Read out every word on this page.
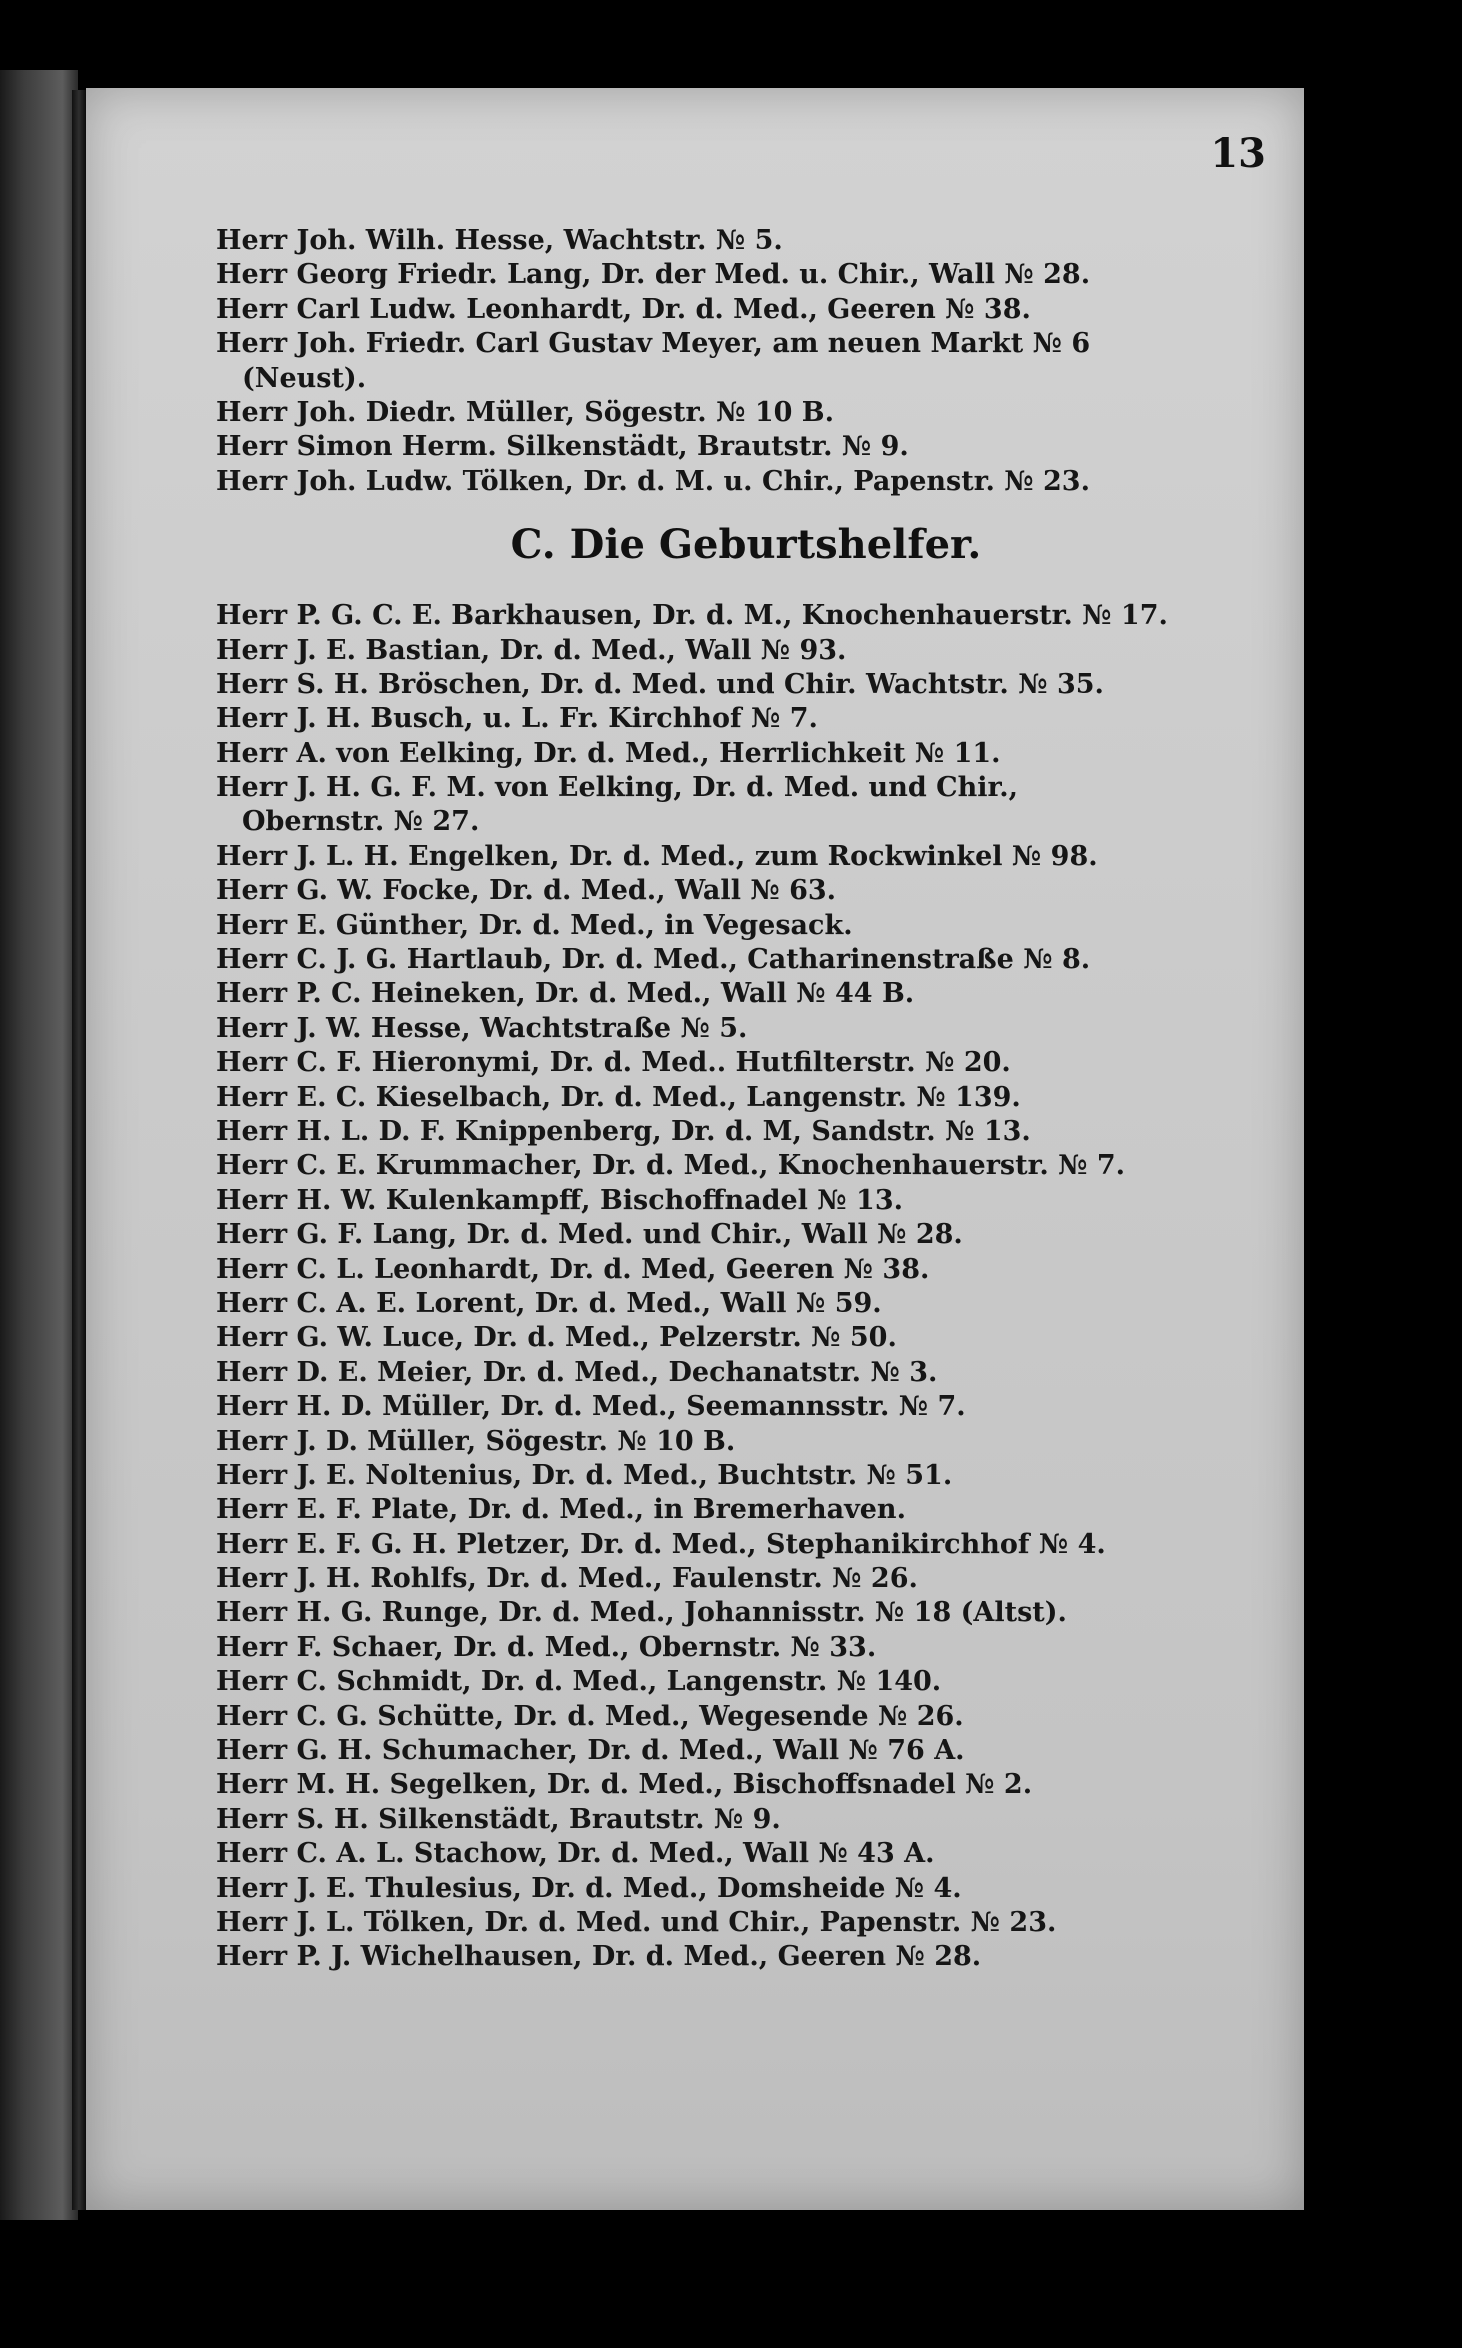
13
Herr Joh. Wilh. Hesse, Wachtstr. № 5.
Herr Georg Friedr. Lang, Dr. der Med. u. Chir., Wall № 28.
Herr Carl Ludw. Leonhardt, Dr. d. Med., Geeren № 38.
Herr Joh. Friedr. Carl Gustav Meyer, am neuen Markt № 6
(Neust).
Herr Joh. Diedr. Müller, Sögestr. № 10 B.
Herr Simon Herm. Silkenstädt, Brautstr. № 9.
Herr Joh. Ludw. Tölken, Dr. d. M. u. Chir., Papenstr. № 23.
C. Die Geburtshelfer.
Herr P. G. C. E. Barkhausen, Dr. d. M., Knochenhauerstr. № 17.
Herr J. E. Bastian, Dr. d. Med., Wall № 93.
Herr S. H. Bröschen, Dr. d. Med. und Chir. Wachtstr. № 35.
Herr J. H. Busch, u. L. Fr. Kirchhof № 7.
Herr A. von Eelking, Dr. d. Med., Herrlichkeit № 11.
Herr J. H. G. F. M. von Eelking, Dr. d. Med. und Chir.,
Obernstr. № 27.
Herr J. L. H. Engelken, Dr. d. Med., zum Rockwinkel № 98.
Herr G. W. Focke, Dr. d. Med., Wall № 63.
Herr E. Günther, Dr. d. Med., in Vegesack.
Herr C. J. G. Hartlaub, Dr. d. Med., Catharinenstraße № 8.
Herr P. C. Heineken, Dr. d. Med., Wall № 44 B.
Herr J. W. Hesse, Wachtstraße № 5.
Herr C. F. Hieronymi, Dr. d. Med.. Hutfilterstr. № 20.
Herr E. C. Kieselbach, Dr. d. Med., Langenstr. № 139.
Herr H. L. D. F. Knippenberg, Dr. d. M, Sandstr. № 13.
Herr C. E. Krummacher, Dr. d. Med., Knochenhauerstr. № 7.
Herr H. W. Kulenkampff, Bischoffnadel № 13.
Herr G. F. Lang, Dr. d. Med. und Chir., Wall № 28.
Herr C. L. Leonhardt, Dr. d. Med, Geeren № 38.
Herr C. A. E. Lorent, Dr. d. Med., Wall № 59.
Herr G. W. Luce, Dr. d. Med., Pelzerstr. № 50.
Herr D. E. Meier, Dr. d. Med., Dechanatstr. № 3.
Herr H. D. Müller, Dr. d. Med., Seemannsstr. № 7.
Herr J. D. Müller, Sögestr. № 10 B.
Herr J. E. Noltenius, Dr. d. Med., Buchtstr. № 51.
Herr E. F. Plate, Dr. d. Med., in Bremerhaven.
Herr E. F. G. H. Pletzer, Dr. d. Med., Stephanikirchhof № 4.
Herr J. H. Rohlfs, Dr. d. Med., Faulenstr. № 26.
Herr H. G. Runge, Dr. d. Med., Johannisstr. № 18 (Altst).
Herr F. Schaer, Dr. d. Med., Obernstr. № 33.
Herr C. Schmidt, Dr. d. Med., Langenstr. № 140.
Herr C. G. Schütte, Dr. d. Med., Wegesende № 26.
Herr G. H. Schumacher, Dr. d. Med., Wall № 76 A.
Herr M. H. Segelken, Dr. d. Med., Bischoffsnadel № 2.
Herr S. H. Silkenstädt, Brautstr. № 9.
Herr C. A. L. Stachow, Dr. d. Med., Wall № 43 A.
Herr J. E. Thulesius, Dr. d. Med., Domsheide № 4.
Herr J. L. Tölken, Dr. d. Med. und Chir., Papenstr. № 23.
Herr P. J. Wichelhausen, Dr. d. Med., Geeren № 28.
